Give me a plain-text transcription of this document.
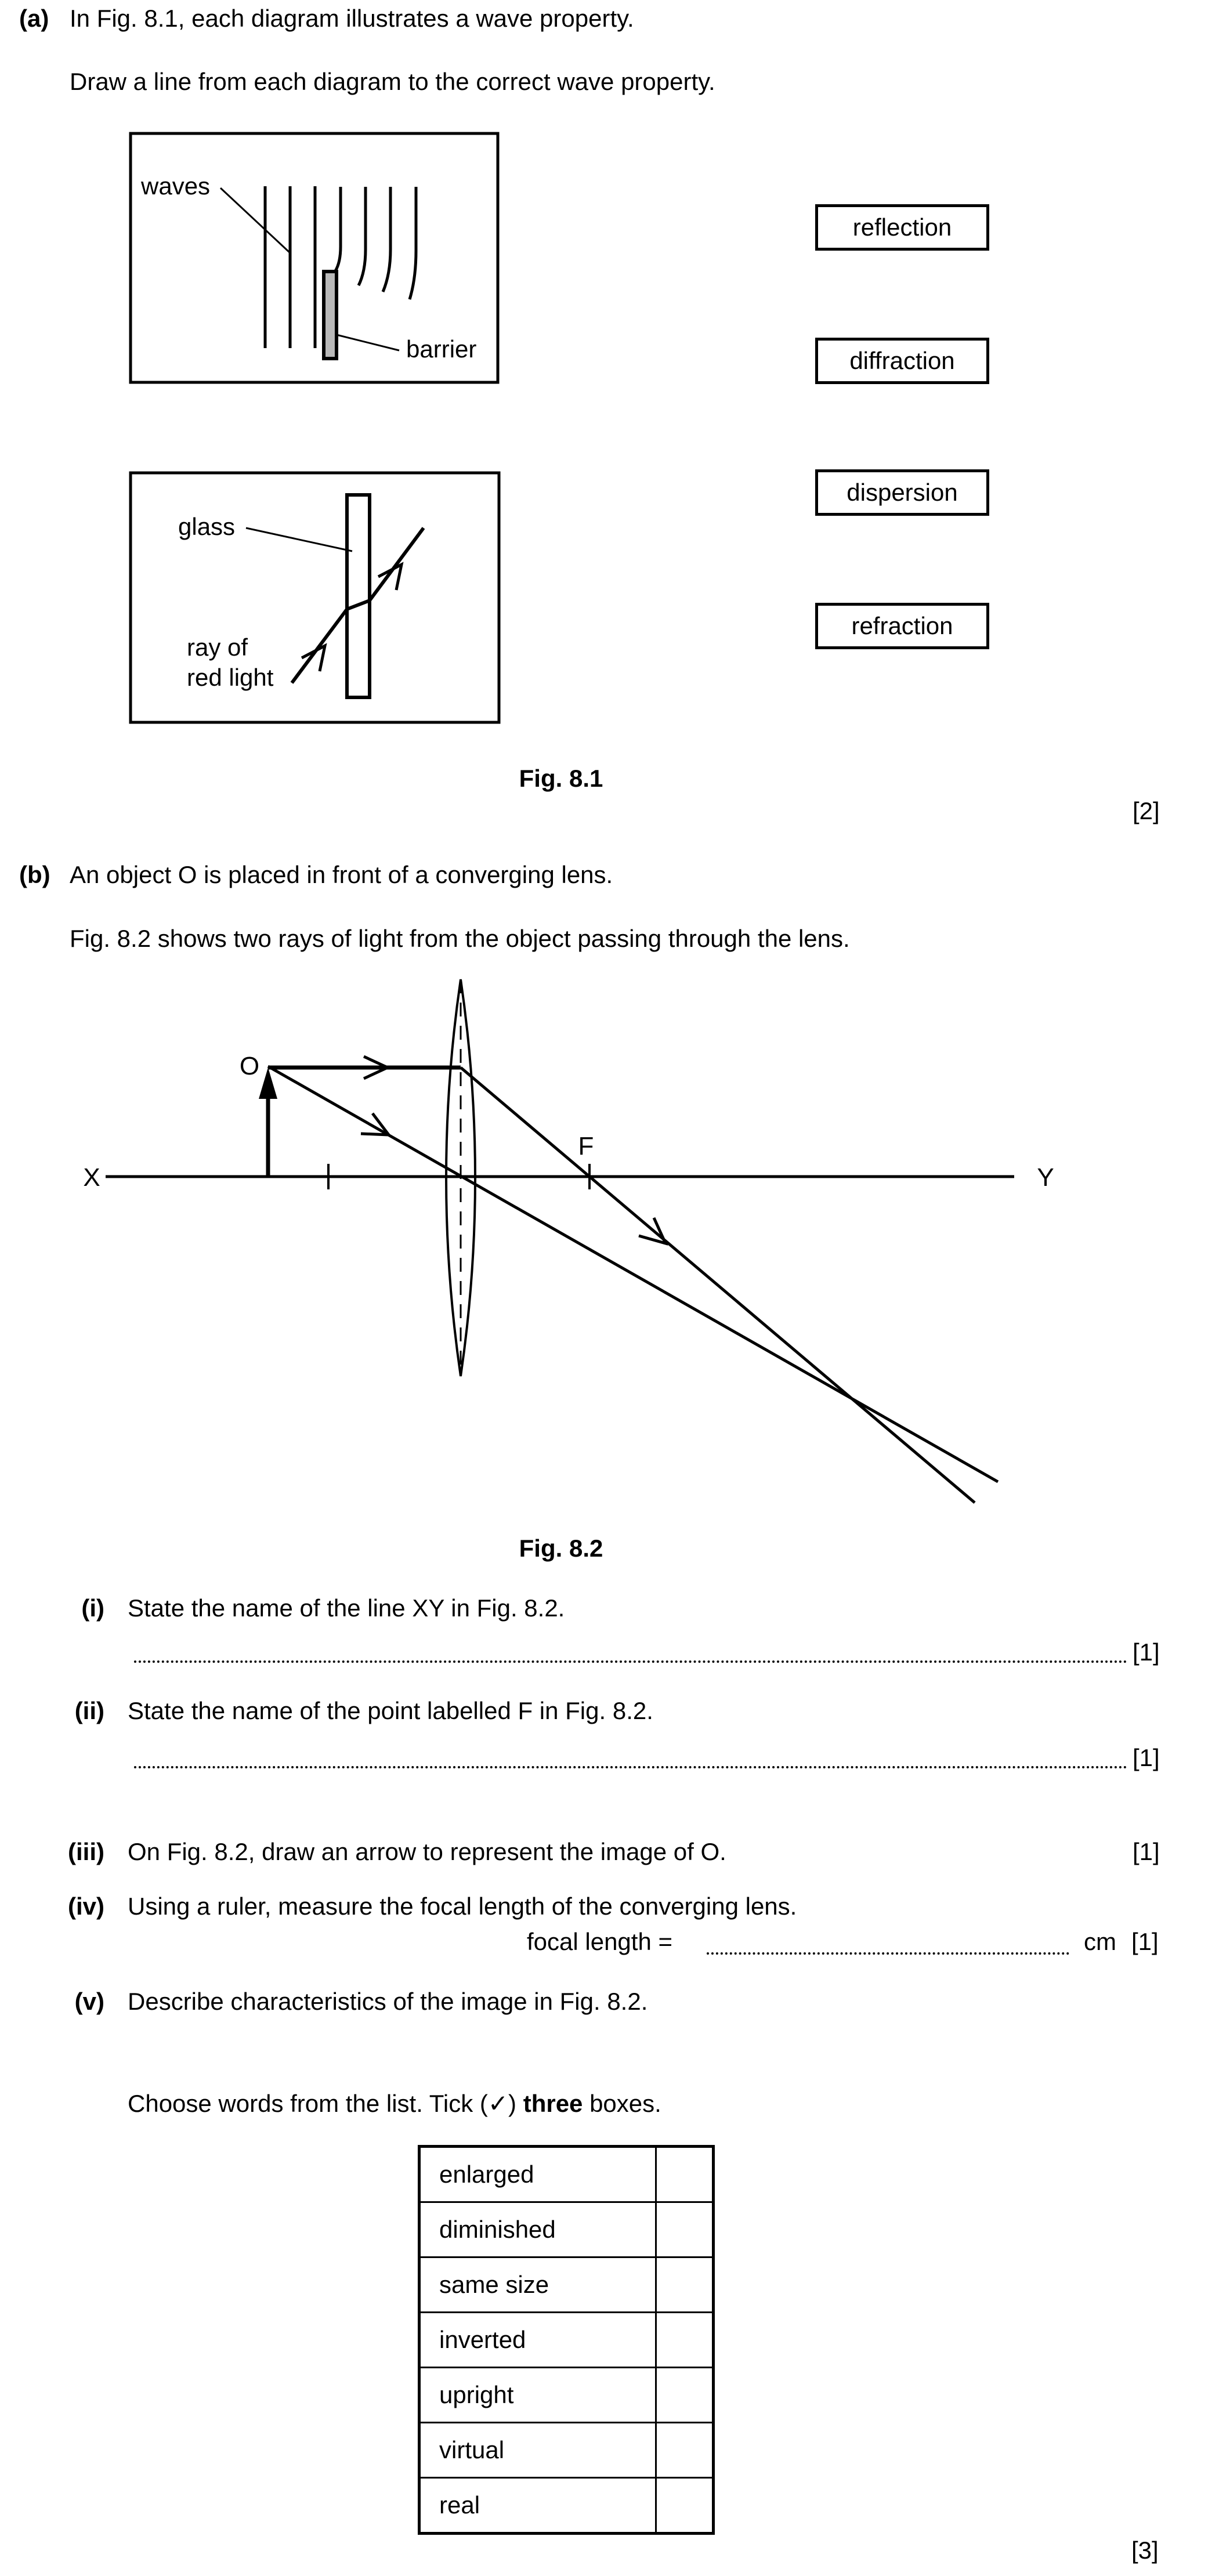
(a) In Fig. 8.1, each diagram illustrates a wave property.
Draw a line from each diagram to the correct wave property.
waves
barrier
glass
ray of
red light
reflection
diffraction
dispersion
refraction
Fig. 8.1
[2]
(b) An object O is placed in front of a converging lens.
Fig. 8.2 shows two rays of light from the object passing through the lens.
X	Y
O
F
Fig. 8.2
(i) State the name of the line XY in Fig. 8.2.
[1]
(ii) State the name of the point labelled F in Fig. 8.2.
[1]
(iii) On Fig. 8.2, draw an arrow to represent the image of O.	[1]
(iv) Using a ruler, measure the focal length of the converging lens.
focal length =	cm [1]
(v) Describe characteristics of the image in Fig. 8.2.
Choose words from the list. Tick (✓) three boxes.
enlarged
diminished
same size
inverted
upright
virtual
real
[3]
